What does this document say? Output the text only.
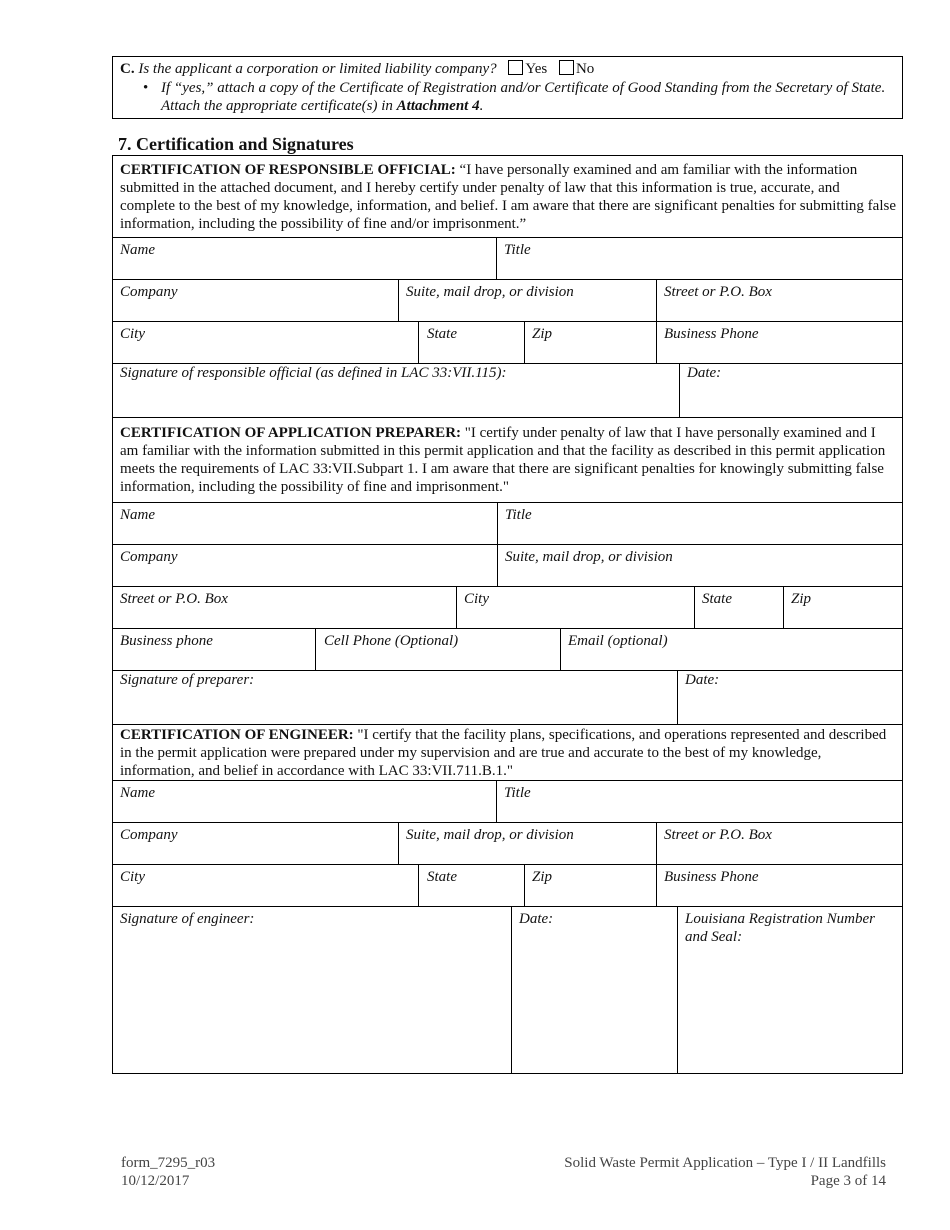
C. Is the applicant a corporation or limited liability company? Yes No
• If “yes,” attach a copy of the Certificate of Registration and/or Certificate of Good Standing from the Secretary of State. Attach the appropriate certificate(s) in Attachment 4.
7. Certification and Signatures
CERTIFICATION OF RESPONSIBLE OFFICIAL: “I have personally examined and am familiar with the information submitted in the attached document, and I hereby certify under penalty of law that this information is true, accurate, and complete to the best of my knowledge, information, and belief. I am aware that there are significant penalties for submitting false information, including the possibility of fine and/or imprisonment.”
Name	Title
Company	Suite, mail drop, or division	Street or P.O. Box
City	State	Zip	Business Phone
Signature of responsible official (as defined in LAC 33:VII.115):	Date:
CERTIFICATION OF APPLICATION PREPARER: "I certify under penalty of law that I have personally examined and I am familiar with the information submitted in this permit application and that the facility as described in this permit application meets the requirements of LAC 33:VII.Subpart 1. I am aware that there are significant penalties for knowingly submitting false information, including the possibility of fine and imprisonment."
Name	Title
Company	Suite, mail drop, or division
Street or P.O. Box	City	State	Zip
Business phone	Cell Phone (Optional)	Email (optional)
Signature of preparer:	Date:
CERTIFICATION OF ENGINEER: "I certify that the facility plans, specifications, and operations represented and described in the permit application were prepared under my supervision and are true and accurate to the best of my knowledge, information, and belief in accordance with LAC 33:VII.711.B.1."
Name	Title
Company	Suite, mail drop, or division	Street or P.O. Box
City	State	Zip	Business Phone
Signature of engineer:	Date:	Louisiana Registration Number and Seal:
form_7295_r03
10/12/2017
Solid Waste Permit Application – Type I / II Landfills
Page 3 of 14
